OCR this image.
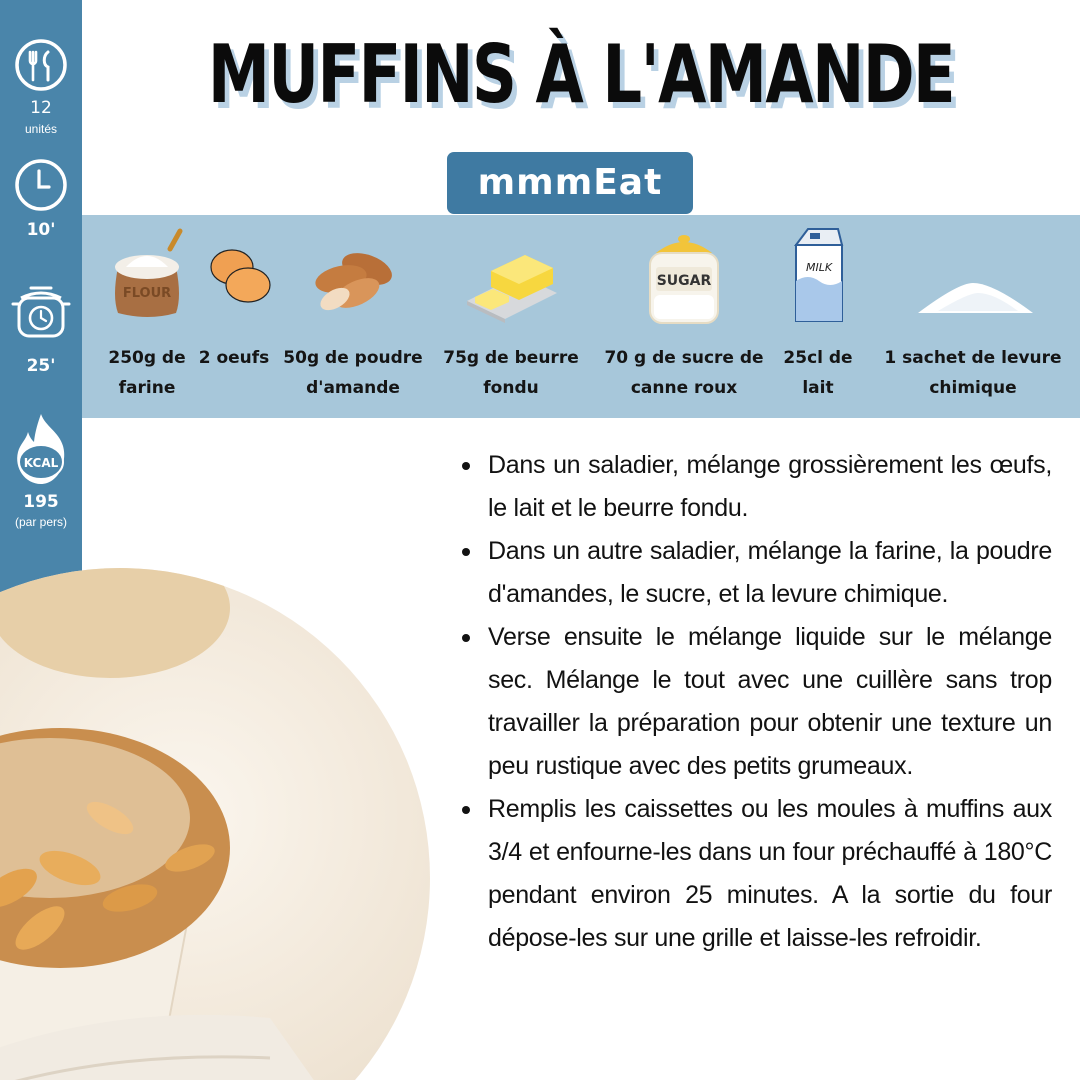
12
unités
10'
25'
KCAL
195
(par pers)
MUFFINS À L'AMANDE
mmmEat
FLOUR
250g de farine
2 oeufs 50g de poudre d'amande
75g de beurre fondu
SUGAR
70 g de sucre de canne roux
MILK
25cl de lait
1 sachet de levure chimique
Dans un saladier, mélange grossièrement les œufs, le lait et le beurre fondu.
Dans un autre saladier, mélange la farine, la poudre d'amandes, le sucre, et la levure chimique.
Verse ensuite le mélange liquide sur le mélange sec. Mélange le tout avec une cuillère sans trop travailler la préparation pour obtenir une texture un peu rustique avec des petits grumeaux.
Remplis les caissettes ou les moules à muffins aux 3/4 et enfourne-les dans un four préchauffé à 180°C pendant environ 25 minutes. A la sortie du four dépose-les sur une grille et laisse-les refroidir.
